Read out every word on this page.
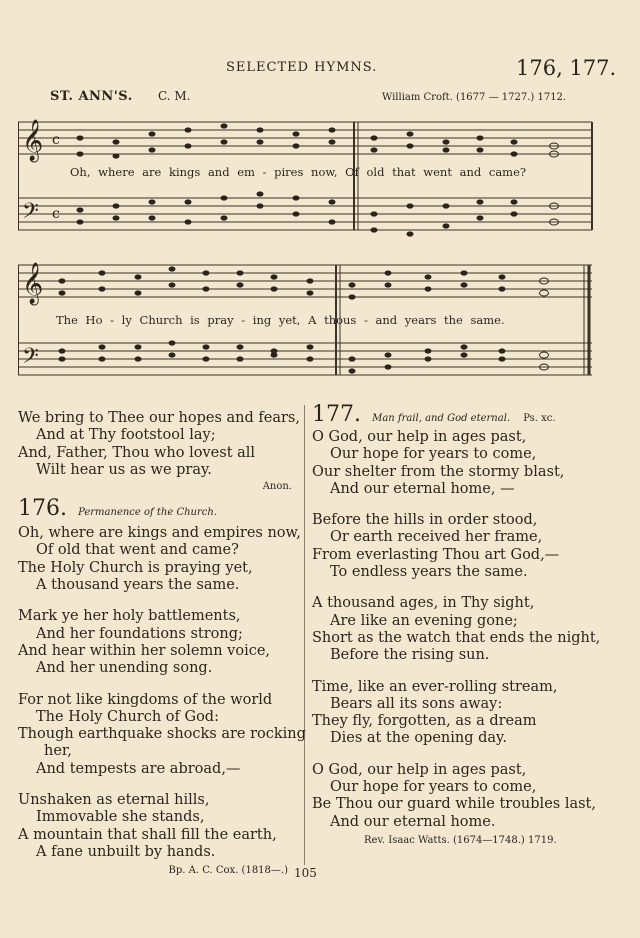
SELECTED HYMNS.	176, 177.
ST. ANN'S. C. M.	William Croft. (1677 — 1727.) 1712.
𝄞 c
𝄢 c
Oh, where are kings and em - pires now, Of old that went and came?
𝄞
𝄢
The Ho - ly Church is pray - ing yet, A thous - and years the same.
We bring to Thee our hopes and fears,
And at Thy footstool lay;
And, Father, Thou who lovest all
Wilt hear us as we pray.
Anon.
176. Permanence of the Church.
Oh, where are kings and empires now,
Of old that went and came?
The Holy Church is praying yet,
A thousand years the same.
Mark ye her holy battlements,
And her foundations strong;
And hear within her solemn voice,
And her unending song.
For not like kingdoms of the world
The Holy Church of God:
Though earthquake shocks are rocking
her,
And tempests are abroad,—
Unshaken as eternal hills,
Immovable she stands,
A mountain that shall fill the earth,
A fane unbuilt by hands.
Bp. A. C. Cox. (1818—.)
177. Man frail, and God eternal. Ps. xc.
O God, our help in ages past,
Our hope for years to come,
Our shelter from the stormy blast,
And our eternal home, —
Before the hills in order stood,
Or earth received her frame,
From everlasting Thou art God,—
To endless years the same.
A thousand ages, in Thy sight,
Are like an evening gone;
Short as the watch that ends the night,
Before the rising sun.
Time, like an ever-rolling stream,
Bears all its sons away:
They fly, forgotten, as a dream
Dies at the opening day.
O God, our help in ages past,
Our hope for years to come,
Be Thou our guard while troubles last,
And our eternal home.
Rev. Isaac Watts. (1674—1748.) 1719.
105
